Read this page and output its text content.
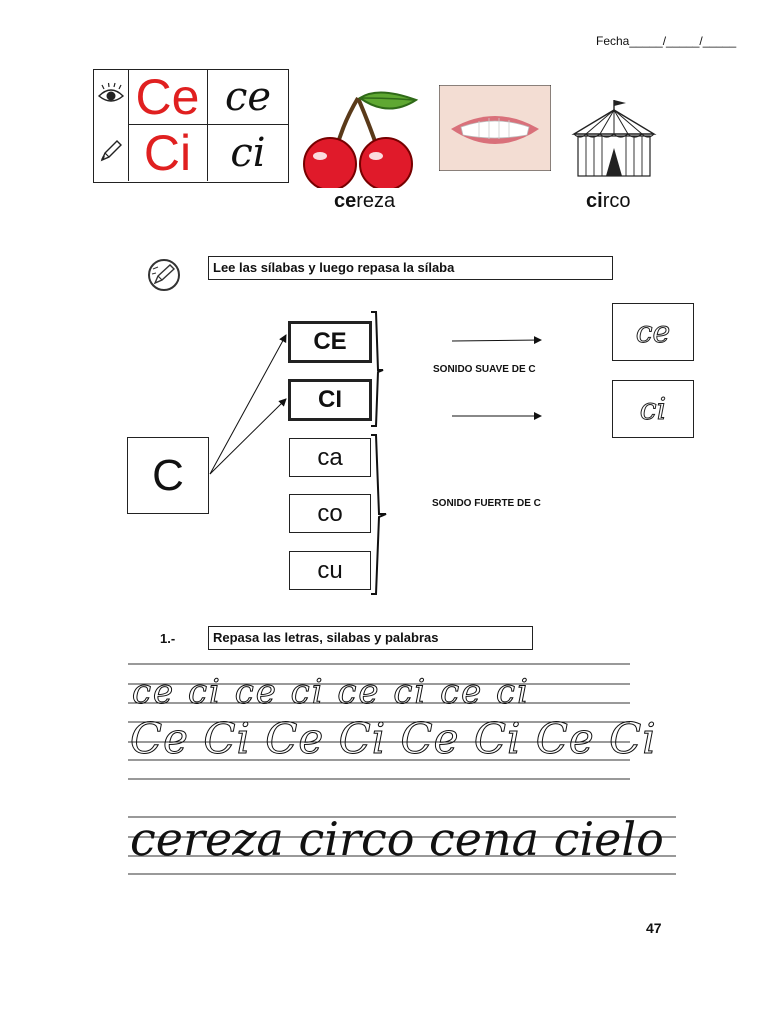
Fecha_____/_____/_____
Ce ce
Ci ci
cereza	circo
Lee las sílabas y luego repasa la sílaba
C
CE
CI
ca
co
cu
SONIDO SUAVE DE C
SONIDO FUERTE DE C
ce
ci
1.-	Repasa las letras, silabas y palabras
ce ci ce ci ce ci ce ci
Ce Ci Ce Ci Ce Ci Ce Ci
cereza circo cena cielo
47
